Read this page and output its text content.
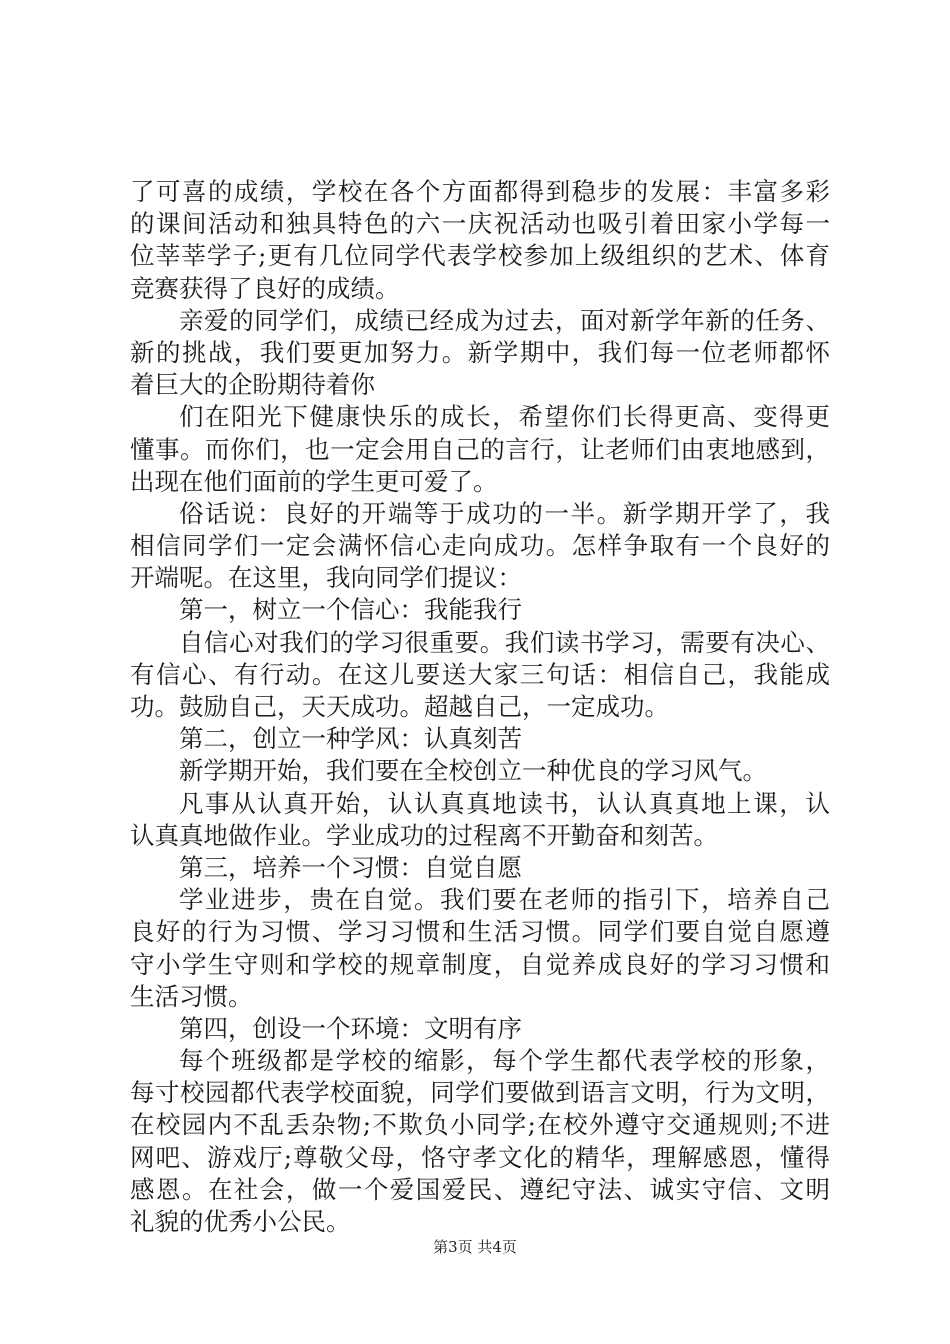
了可喜的成绩，学校在各个方面都得到稳步的发展：丰富多彩
的课间活动和独具特色的六一庆祝活动也吸引着田家小学每一
位莘莘学子;更有几位同学代表学校参加上级组织的艺术、体育
竞赛获得了良好的成绩。
亲爱的同学们，成绩已经成为过去，面对新学年新的任务、
新的挑战，我们要更加努力。新学期中，我们每一位老师都怀
着巨大的企盼期待着你
们在阳光下健康快乐的成长，希望你们长得更高、变得更
懂事。而你们，也一定会用自己的言行，让老师们由衷地感到，
出现在他们面前的学生更可爱了。
俗话说：良好的开端等于成功的一半。新学期开学了，我
相信同学们一定会满怀信心走向成功。怎样争取有一个良好的
开端呢。在这里，我向同学们提议：
第一，树立一个信心：我能我行
自信心对我们的学习很重要。我们读书学习，需要有决心、
有信心、有行动。在这儿要送大家三句话：相信自己，我能成
功。鼓励自己，天天成功。超越自己，一定成功。
第二，创立一种学风：认真刻苦
新学期开始，我们要在全校创立一种优良的学习风气。
凡事从认真开始，认认真真地读书，认认真真地上课，认
认真真地做作业。学业成功的过程离不开勤奋和刻苦。
第三，培养一个习惯：自觉自愿
学业进步，贵在自觉。我们要在老师的指引下，培养自己
良好的行为习惯、学习习惯和生活习惯。同学们要自觉自愿遵
守小学生守则和学校的规章制度，自觉养成良好的学习习惯和
生活习惯。
第四，创设一个环境：文明有序
每个班级都是学校的缩影，每个学生都代表学校的形象，
每寸校园都代表学校面貌，同学们要做到语言文明，行为文明，
在校园内不乱丢杂物;不欺负小同学;在校外遵守交通规则;不进
网吧、游戏厅;尊敬父母，恪守孝文化的精华，理解感恩，懂得
感恩。在社会，做一个爱国爱民、遵纪守法、诚实守信、文明
礼貌的优秀小公民。
第3页 共4页
